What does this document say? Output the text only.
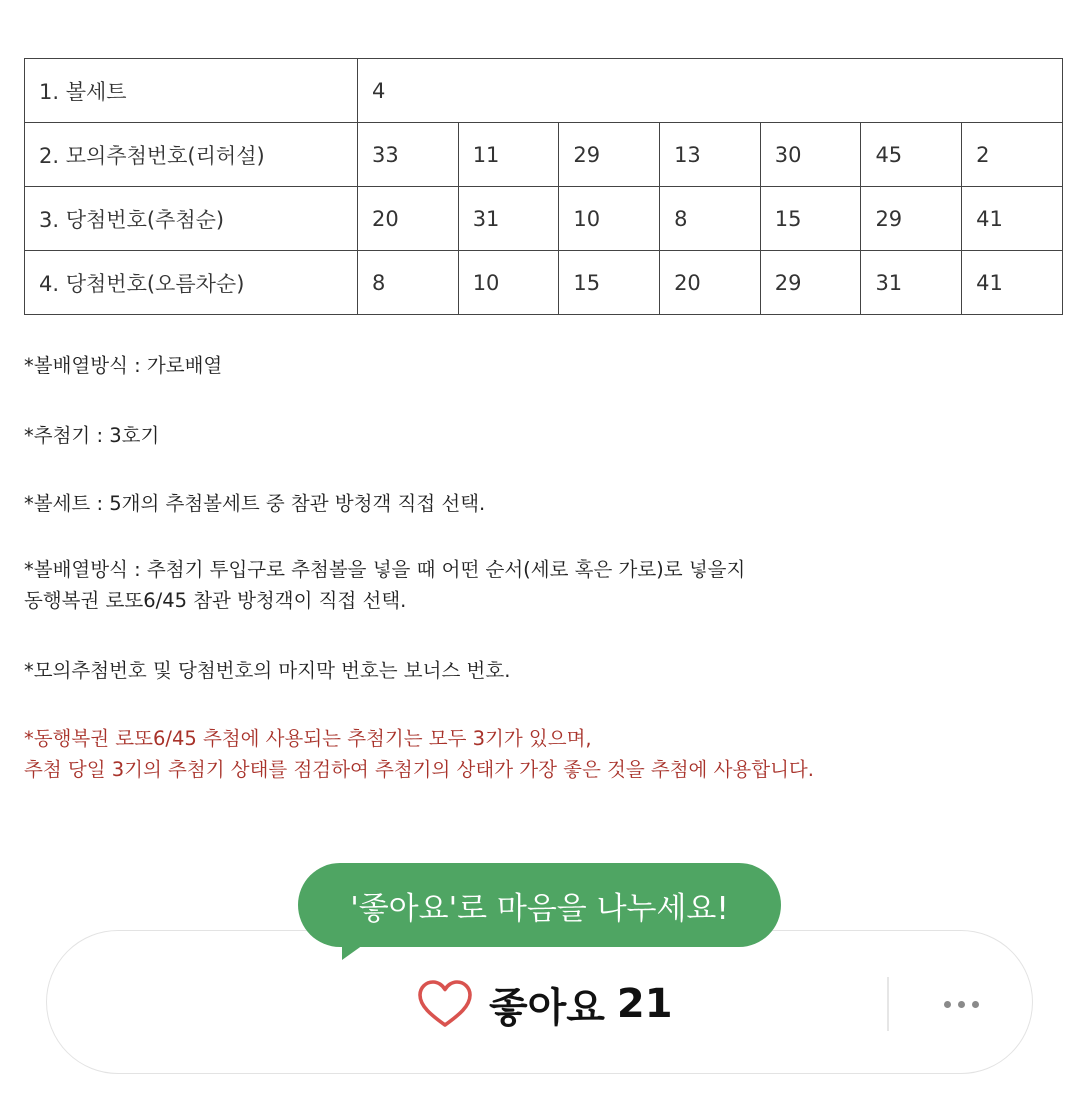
1. 볼세트	4						
2. 모의추첨번호(리허설)	33	11	29	13	30	45	2
3. 당첨번호(추첨순)	20	31	10	8	15	29	41
4. 당첨번호(오름차순)	8	10	15	20	29	31	41

*볼배열방식 : 가로배열

*추첨기 : 3호기

*볼세트 : 5개의 추첨볼세트 중 참관 방청객 직접 선택.

*볼배열방식 : 추첨기 투입구로 추첨볼을 넣을 때 어떤 순서(세로 혹은 가로)로 넣을지
동행복권 로또6/45 참관 방청객이 직접 선택.

*모의추첨번호 및 당첨번호의 마지막 번호는 보너스 번호.

*동행복권 로또6/45 추첨에 사용되는 추첨기는 모두 3기가 있으며,
추첨 당일 3기의 추첨기 상태를 점검하여 추첨기의 상태가 가장 좋은 것을 추첨에 사용합니다.

좋아요 21
'좋아요'로 마음을 나누세요!
